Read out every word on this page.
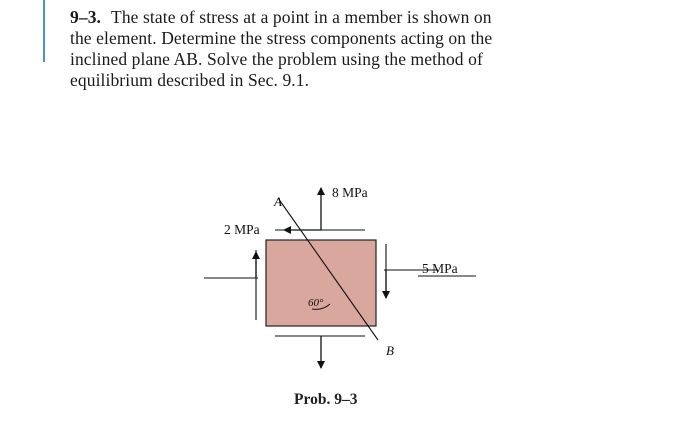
9–3. The state of stress at a point in a member is shown on
the element. Determine the stress components acting on the
inclined plane AB. Solve the problem using the method of
equilibrium described in Sec. 9.1.
8 MPa
2 MPa
5 MPa
A
B
60°
Prob. 9–3
